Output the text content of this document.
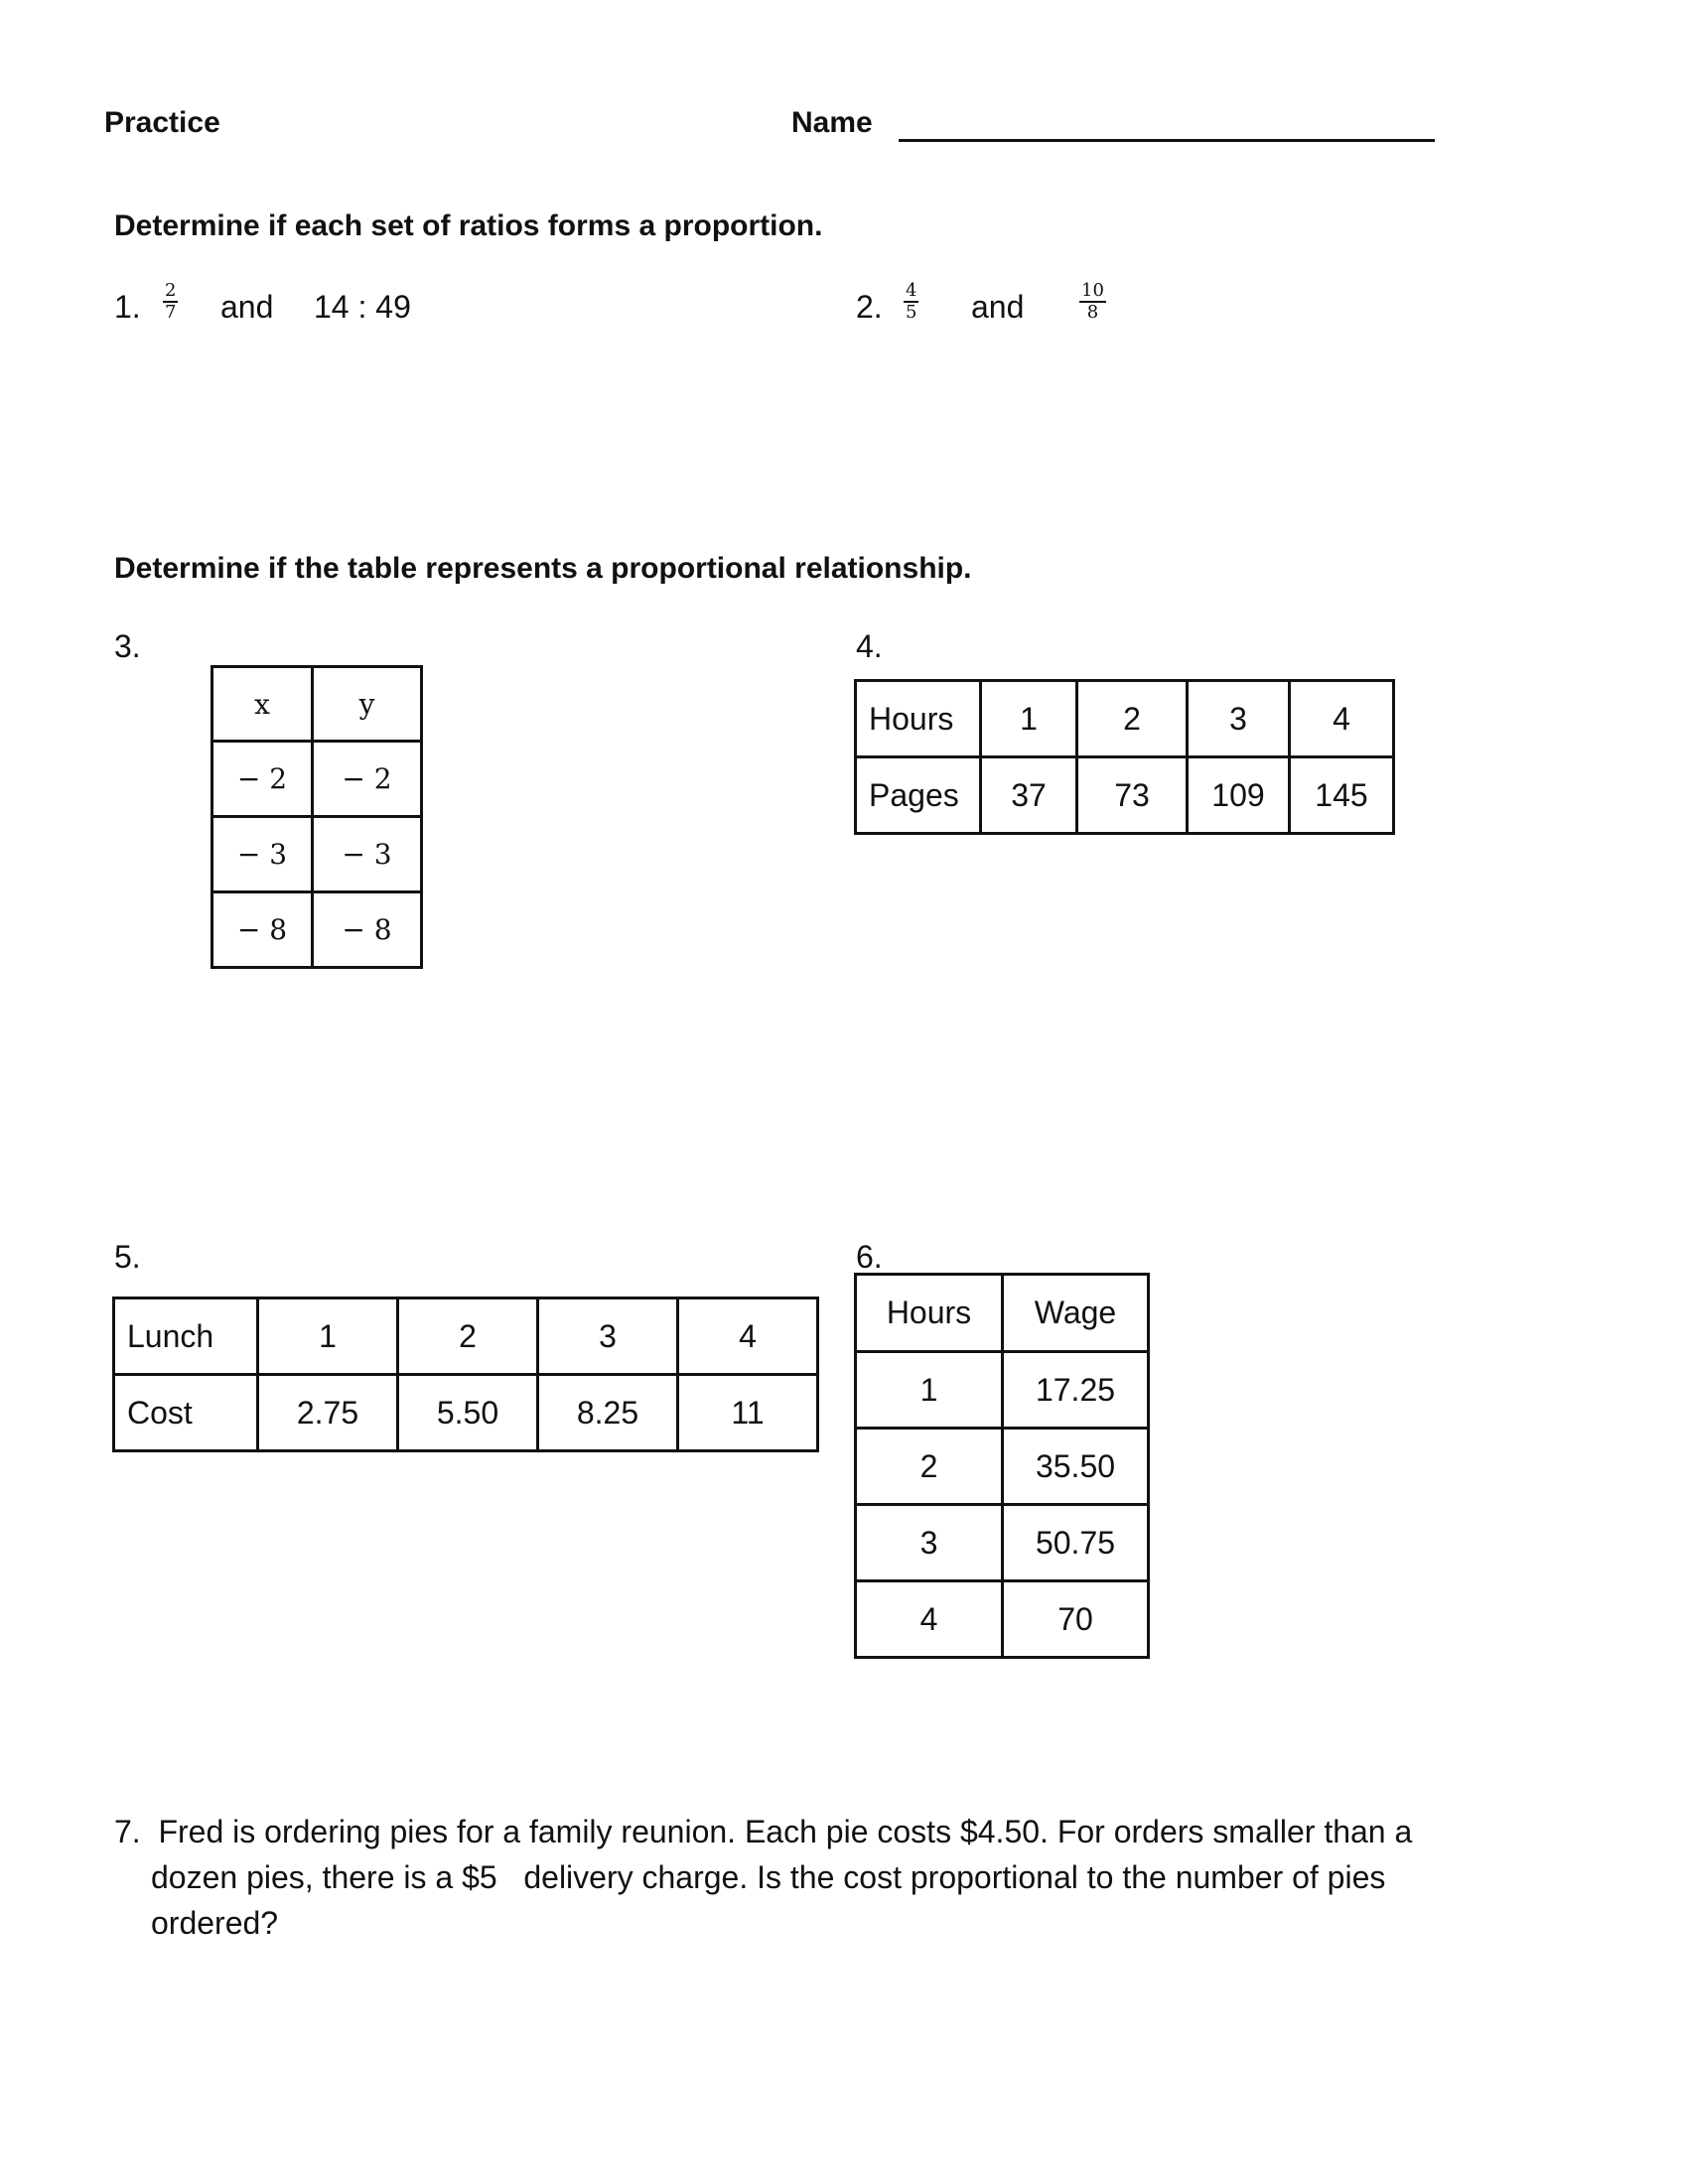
Practice	Name
Determine if each set of ratios forms a proportion.
1. $\frac{2}{7}$ and 14 : 49	2. $\frac{4}{5}$ and	$\frac{10}{8}$
Determine if the table represents a proportional relationship.
3.
x	y
− 2	− 2
− 3	− 3
− 8	− 8
4.
Hours	1	2	3	4
Pages	37	73	109	145
5.
Lunch	1	2	3	4
Cost	2.75	5.50	8.25	11
6.
Hours	Wage
1	17.25
2	35.50
3	50.75
4	70
7. Fred is ordering pies for a family reunion. Each pie costs $4.50. For orders smaller than a
dozen pies, there is a $5   delivery charge. Is the cost proportional to the number of pies
ordered?
